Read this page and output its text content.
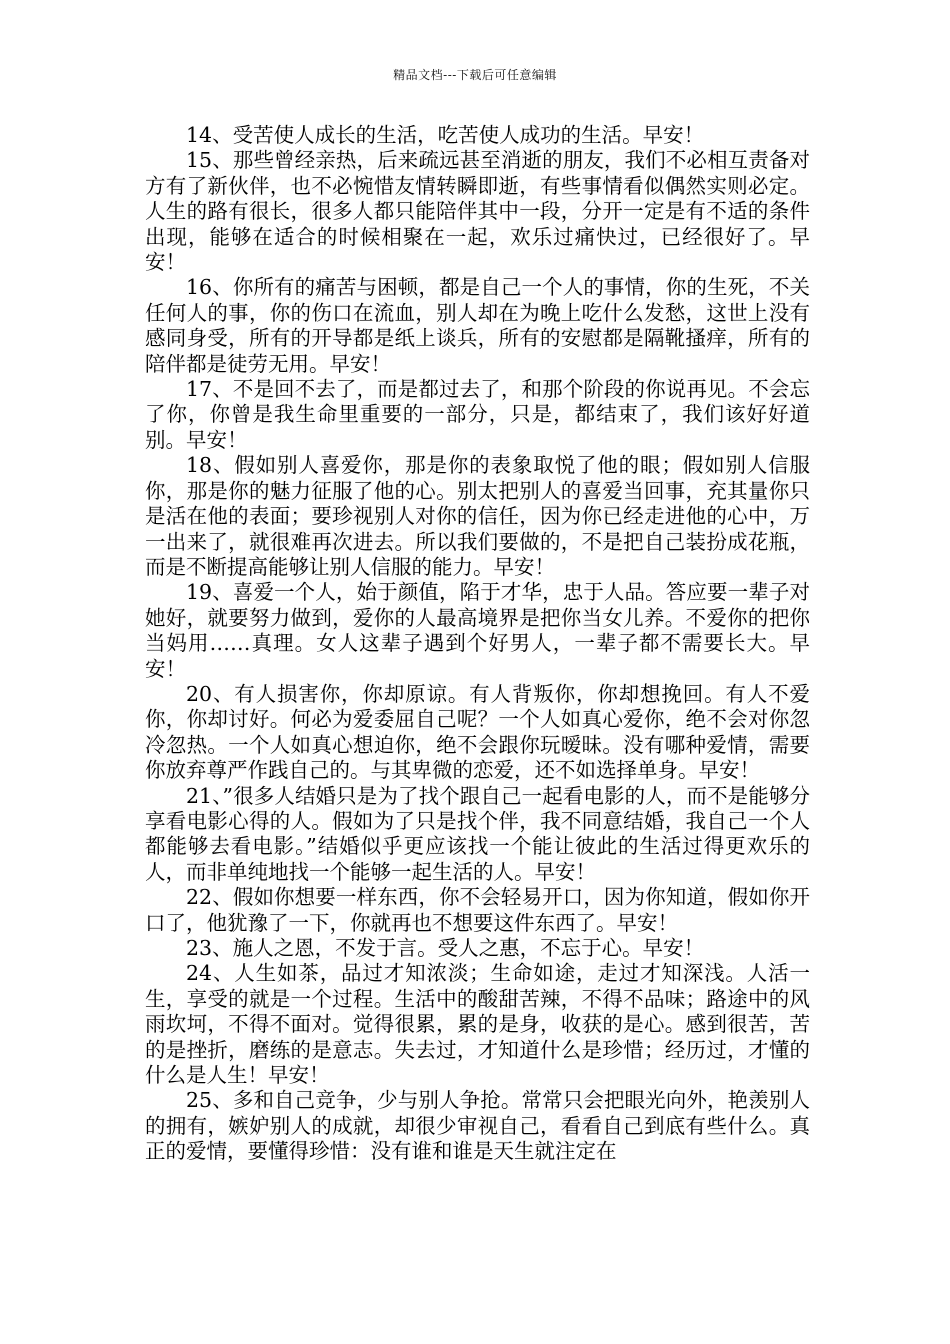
精品文档---下载后可任意编辑

14、受苦使人成长的生活，吃苦使人成功的生活。早安！

15、那些曾经亲热，后来疏远甚至消逝的朋友，我们不必相互责备对方有了新伙伴，也不必惋惜友情转瞬即逝，有些事情看似偶然实则必定。人生的路有很长，很多人都只能陪伴其中一段，分开一定是有不适的条件出现，能够在适合的时候相聚在一起，欢乐过痛快过，已经很好了。早安！

16、你所有的痛苦与困顿，都是自己一个人的事情，你的生死，不关任何人的事，你的伤口在流血，别人却在为晚上吃什么发愁，这世上没有感同身受，所有的开导都是纸上谈兵，所有的安慰都是隔靴搔痒，所有的陪伴都是徒劳无用。早安！

17、不是回不去了，而是都过去了，和那个阶段的你说再见。不会忘了你，你曾是我生命里重要的一部分，只是，都结束了，我们该好好道别。早安！

18、假如别人喜爱你，那是你的表象取悦了他的眼；假如别人信服你，那是你的魅力征服了他的心。别太把别人的喜爱当回事，充其量你只是活在他的表面；要珍视别人对你的信任，因为你已经走进他的心中，万一出来了，就很难再次进去。所以我们要做的，不是把自己装扮成花瓶，而是不断提高能够让别人信服的能力。早安！

19、喜爱一个人，始于颜值，陷于才华，忠于人品。答应要一辈子对她好，就要努力做到，爱你的人最高境界是把你当女儿养。不爱你的把你当妈用……真理。女人这辈子遇到个好男人，一辈子都不需要长大。早安！

20、有人损害你，你却原谅。有人背叛你，你却想挽回。有人不爱你，你却讨好。何必为爱委屈自己呢？一个人如真心爱你，绝不会对你忽冷忽热。一个人如真心想迫你，绝不会跟你玩暧昧。没有哪种爱情，需要你放弃尊严作践自己的。与其卑微的恋爱，还不如选择单身。早安！

21、”很多人结婚只是为了找个跟自己一起看电影的人，而不是能够分享看电影心得的人。假如为了只是找个伴，我不同意结婚，我自己一个人都能够去看电影。”结婚似乎更应该找一个能让彼此的生活过得更欢乐的人，而非单纯地找一个能够一起生活的人。早安！

22、假如你想要一样东西，你不会轻易开口，因为你知道，假如你开口了，他犹豫了一下，你就再也不想要这件东西了。早安！

23、施人之恩，不发于言。受人之惠，不忘于心。早安！

24、人生如茶，品过才知浓淡；生命如途，走过才知深浅。人活一生，享受的就是一个过程。生活中的酸甜苦辣，不得不品味；路途中的风雨坎坷，不得不面对。觉得很累，累的是身，收获的是心。感到很苦，苦的是挫折，磨练的是意志。失去过，才知道什么是珍惜；经历过，才懂的什么是人生！早安！

25、多和自己竞争，少与别人争抢。常常只会把眼光向外，艳羡别人的拥有，嫉妒别人的成就，却很少审视自己，看看自己到底有些什么。真正的爱情，要懂得珍惜：没有谁和谁是天生就注定在
